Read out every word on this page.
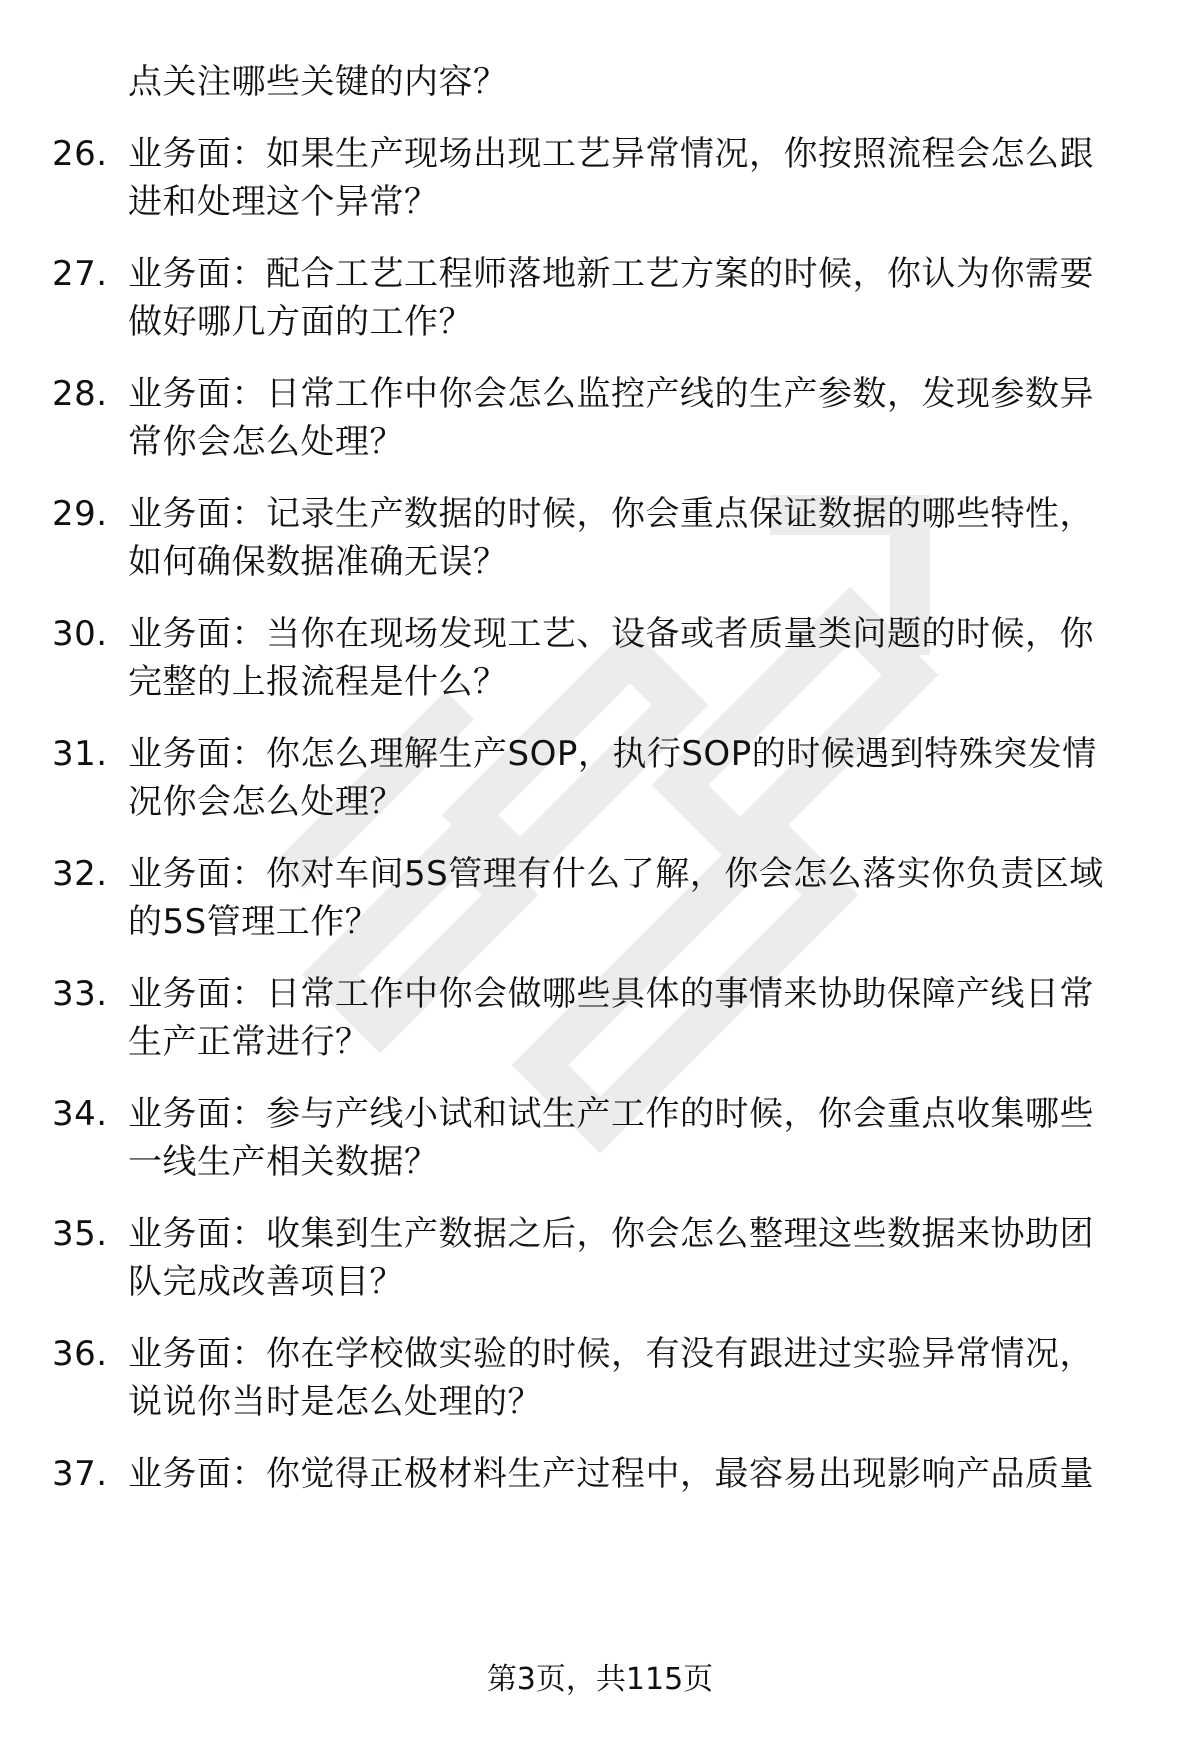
点关注哪些关键的内容？
26. 业务面：如果生产现场出现工艺异常情况，你按照流程会怎么跟
进和处理这个异常？
27. 业务面：配合工艺工程师落地新工艺方案的时候，你认为你需要
做好哪几方面的工作？
28. 业务面：日常工作中你会怎么监控产线的生产参数，发现参数异
常你会怎么处理？
29. 业务面：记录生产数据的时候，你会重点保证数据的哪些特性，
如何确保数据准确无误？
30. 业务面：当你在现场发现工艺、设备或者质量类问题的时候，你
完整的上报流程是什么？
31. 业务面：你怎么理解生产SOP，执行SOP的时候遇到特殊突发情
况你会怎么处理？
32. 业务面：你对车间5S管理有什么了解，你会怎么落实你负责区域
的5S管理工作？
33. 业务面：日常工作中你会做哪些具体的事情来协助保障产线日常
生产正常进行？
34. 业务面：参与产线小试和试生产工作的时候，你会重点收集哪些
一线生产相关数据？
35. 业务面：收集到生产数据之后，你会怎么整理这些数据来协助团
队完成改善项目？
36. 业务面：你在学校做实验的时候，有没有跟进过实验异常情况，
说说你当时是怎么处理的？
37. 业务面：你觉得正极材料生产过程中，最容易出现影响产品质量
第3页，共115页
